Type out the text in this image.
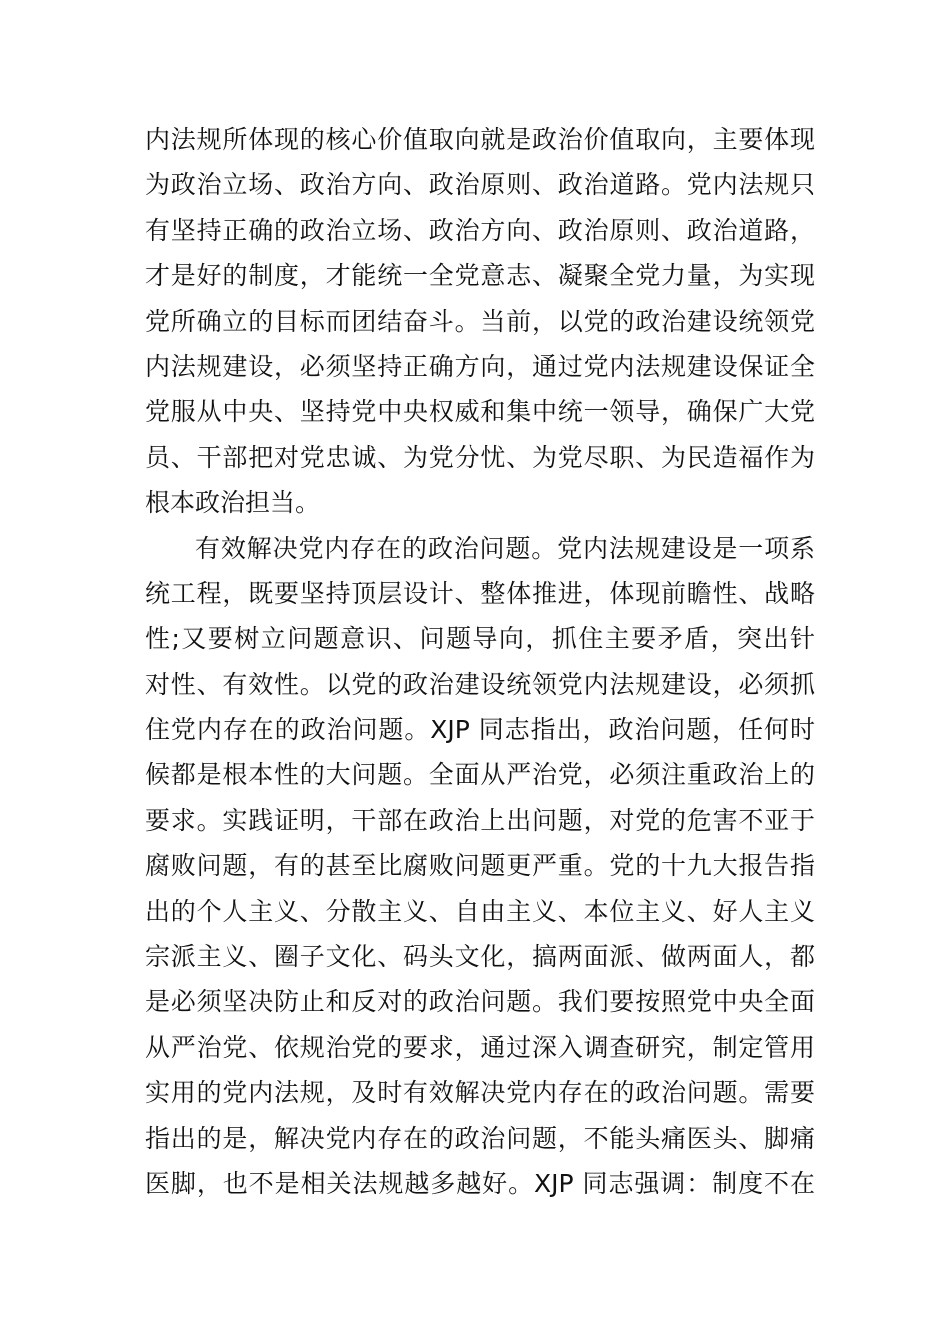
内法规所体现的核心价值取向就是政治价值取向，主要体现
为政治立场、政治方向、政治原则、政治道路。党内法规只
有坚持正确的政治立场、政治方向、政治原则、政治道路，
才是好的制度，才能统一全党意志、凝聚全党力量，为实现
党所确立的目标而团结奋斗。当前，以党的政治建设统领党
内法规建设，必须坚持正确方向，通过党内法规建设保证全
党服从中央、坚持党中央权威和集中统一领导，确保广大党
员、干部把对党忠诚、为党分忧、为党尽职、为民造福作为
根本政治担当。
有效解决党内存在的政治问题。党内法规建设是一项系
统工程，既要坚持顶层设计、整体推进，体现前瞻性、战略
性;又要树立问题意识、问题导向，抓住主要矛盾，突出针
对性、有效性。以党的政治建设统领党内法规建设，必须抓
住党内存在的政治问题。XJP 同志指出，政治问题，任何时
候都是根本性的大问题。全面从严治党，必须注重政治上的
要求。实践证明，干部在政治上出问题，对党的危害不亚于
腐败问题，有的甚至比腐败问题更严重。党的十九大报告指
出的个人主义、分散主义、自由主义、本位主义、好人主义
宗派主义、圈子文化、码头文化，搞两面派、做两面人，都
是必须坚决防止和反对的政治问题。我们要按照党中央全面
从严治党、依规治党的要求，通过深入调查研究，制定管用
实用的党内法规，及时有效解决党内存在的政治问题。需要
指出的是，解决党内存在的政治问题，不能头痛医头、脚痛
医脚，也不是相关法规越多越好。XJP 同志强调：制度不在
